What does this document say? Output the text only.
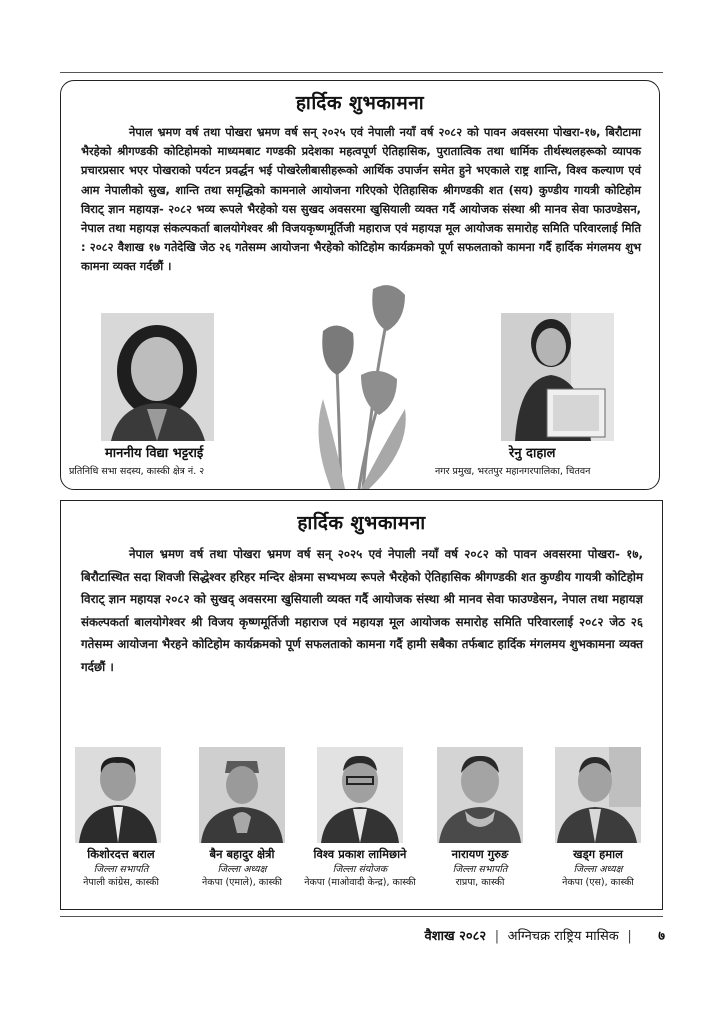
हार्दिक शुभकामना
नेपाल भ्रमण वर्ष तथा पोखरा भ्रमण वर्ष सन् २०२५ एवं नेपाली नयाँ वर्ष २०८२ को पावन अवसरमा पोखरा-१७, बिरौटामा भैरहेको श्रीगण्डकी कोटिहोमको माध्यमबाट गण्डकी प्रदेशका महत्वपूर्ण ऐतिहासिक, पुरातात्विक तथा धार्मिक तीर्थस्थलहरूको व्यापक प्रचारप्रसार भएर पोखराको पर्यटन प्रवर्द्धन भई पोखरेलीबासीहरूको आर्थिक उपार्जन समेत हुने भएकाले राष्ट्र शान्ति, विश्व कल्याण एवं आम नेपालीको सुख, शान्ति तथा समृद्धिको कामनाले आयोजना गरिएको ऐतिहासिक श्रीगण्डकी शत (सय) कुण्डीय गायत्री कोटिहोम विराट् ज्ञान महायज्ञ- २०८२ भव्य रूपले भैरहेको यस सुखद अवसरमा खुसियाली व्यक्त गर्दै आयोजक संस्था श्री मानव सेवा फाउण्डेसन, नेपाल तथा महायज्ञ संकल्पकर्ता बालयोगेश्वर श्री विजयकृष्णमूर्तिजी महाराज एवं महायज्ञ मूल आयोजक समारोह समिति परिवारलाई मिति : २०८२ वैशाख १७ गतेदेखि जेठ २६ गतेसम्म आयोजना भैरहेको कोटिहोम कार्यक्रमको पूर्ण सफलताको कामना गर्दै हार्दिक मंगलमय शुभ कामना व्यक्त गर्दछौं ।
माननीय विद्या भट्टराई
प्रतिनिधि सभा सदस्य, कास्की क्षेत्र नं. २
रेनु दाहाल
नगर प्रमुख, भरतपुर महानगरपालिका, चितवन
हार्दिक शुभकामना
नेपाल भ्रमण वर्ष तथा पोखरा भ्रमण वर्ष सन् २०२५ एवं नेपाली नयाँ वर्ष २०८२ को पावन अवसरमा पोखरा- १७, बिरौटास्थित सदा शिवजी सिद्धेश्वर हरिहर मन्दिर क्षेत्रमा सभ्यभव्य रूपले भैरहेको ऐतिहासिक श्रीगण्डकी शत कुण्डीय गायत्री कोटिहोम विराट् ज्ञान महायज्ञ २०८२ को सुखद् अवसरमा खुसियाली व्यक्त गर्दै आयोजक संस्था श्री मानव सेवा फाउण्डेसन, नेपाल तथा महायज्ञ संकल्पकर्ता बालयोगेश्वर श्री विजय कृष्णमूर्तिजी महाराज एवं महायज्ञ मूल आयोजक समारोह समिति परिवारलाई २०८२ जेठ २६ गतेसम्म आयोजना भैरहने कोटिहोम कार्यक्रमको पूर्ण सफलताको कामना गर्दै हामी सबैका तर्फबाट हार्दिक मंगलमय शुभकामना व्यक्त गर्दछौं ।
किशोरदत्त बराल
जिल्ला सभापति
नेपाली कांग्रेस, कास्की
बैन बहादुर क्षेत्री
जिल्ला अध्यक्ष
नेकपा (एमाले), कास्की
विश्व प्रकाश लामिछाने
जिल्ला संयोजक
नेकपा (माओवादी केन्द्र), कास्की
नारायण गुरुङ
जिल्ला सभापति
राप्रपा, कास्की
खड्ग हमाल
जिल्ला अध्यक्ष
नेकपा (एस), कास्की
वैशाख २०८२ | अग्निचक्र राष्ट्रिय मासिक | ७
